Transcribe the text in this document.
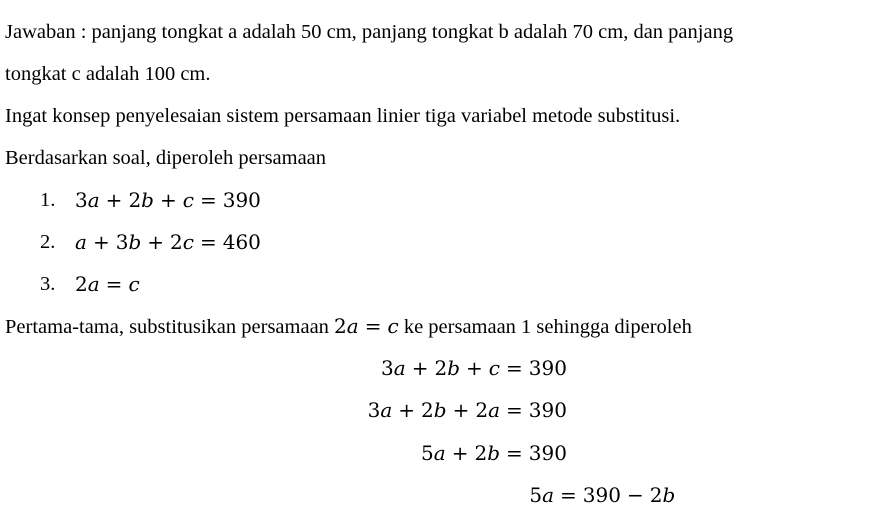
Jawaban : panjang tongkat a adalah 50 cm, panjang tongkat b adalah 70 cm, dan panjang
tongkat c adalah 100 cm.
Ingat konsep penyelesaian sistem persamaan linier tiga variabel metode substitusi.
Berdasarkan soal, diperoleh persamaan
1. 3a + 2b + c = 390
2. a + 3b + 2c = 460
3. 2a = c
Pertama-tama, substitusikan persamaan 2a = c ke persamaan 1 sehingga diperoleh
3a + 2b + c = 390
3a + 2b + 2a = 390
5a + 2b = 390
5a = 390 − 2b
